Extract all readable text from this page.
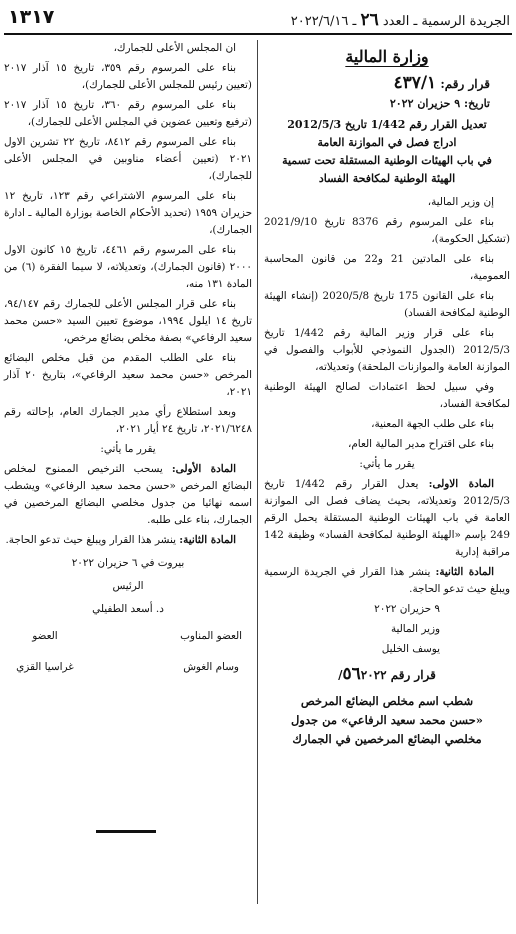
الجريدة الرسمية ـ العدد ٢٦ ـ ٢٠٢٢/٦/١٦
١٣١٧
وزارة المالية
قرار رقم: ٤٣٧/١
تاريخ: ٩ حزيران ٢٠٢٢
تعديل القرار رقم 1/442 تاريخ 2012/5/3
ادراج فصل في الموازنة العامة
في باب الهيئات الوطنية المستقلة تحت تسمية
الهيئة الوطنية لمكافحة الفساد

إن وزير المالية،

بناء على المرسوم رقم 8376 تاريخ 2021/9/10 (تشكيل الحكومة)،

بناء على المادتين 21 و22 من قانون المحاسبة العمومية،

بناء على القانون 175 تاريخ 2020/5/8 (إنشاء الهيئة الوطنية لمكافحة الفساد)

بناء على قرار وزير المالية رقم 1/442 تاريخ 2012/5/3 (الجدول النموذجي للأبواب والفصول في الموازنة العامة والموازنات الملحقة) وتعديلاته،

وفي سبيل لحظ اعتمادات لصالح الهيئة الوطنية لمكافحة الفساد،

بناء على طلب الجهة المعنية،

بناء على اقتراح مدير المالية العام،

يقرر ما يأتي:

المادة الاولى: يعدل القرار رقم 1/442 تاريخ 2012/5/3 وتعديلاته، بحيث يضاف فصل الى الموازنة العامة في باب الهيئات الوطنية المستقلة يحمل الرقم 249 بإسم «الهيئة الوطنية لمكافحة الفساد» وظيفة 142 مراقبة إدارية

المادة الثانية: ينشر هذا القرار في الجريدة الرسمية ويبلغ حيث تدعو الحاجة.

٩ حزيران ٢٠٢٢

وزير المالية

يوسف الخليل

قرار رقم ٥٦٢٠٢٢/
شطب اسم مخلص البضائع المرخص
«حسن محمد سعيد الرفاعي» من جدول
مخلصي البضائع المرخصين في الجمارك

ان المجلس الأعلى للجمارك،

بناء على المرسوم رقم ٣٥٩، تاريخ ١٥ آذار ٢٠١٧ (تعيين رئيس للمجلس الأعلى للجمارك)،

بناء على المرسوم رقم ٣٦٠، تاريخ ١٥ آذار ٢٠١٧ (ترفيع وتعيين عضوين في المجلس الأعلى للجمارك)،

بناء على المرسوم رقم ٨٤١٢، تاريخ ٢٢ تشرين الاول ٢٠٢١ (تعيين أعضاء مناوبين في المجلس الأعلى للجمارك)،

بناء على المرسوم الاشتراعي رقم ١٢٣، تاريخ ١٢ حزيران ١٩٥٩ (تحديد الأحكام الخاصة بوزارة المالية ـ ادارة الجمارك)،

بناء على المرسوم رقم ٤٤٦١، تاريخ ١٥ كانون الاول ٢٠٠٠ (قانون الجمارك)، وتعديلاته، لا سيما الفقرة (٦) من المادة ١٣١ منه،

بناء على قرار المجلس الأعلى للجمارك رقم ٩٤/١٤٧، تاريخ ١٤ ايلول ١٩٩٤، موضوع تعيين السيد «حسن محمد سعيد الرفاعي» بصفة مخلص بضائع مرخص،

بناء على الطلب المقدم من قبل مخلص البضائع المرخص «حسن محمد سعيد الرفاعي»، بتاريخ ٢٠ آذار ٢٠٢١،

وبعد استطلاع رأي مدير الجمارك العام، بإحالته رقم ٢٠٢١/٦٢٤٨، تاريخ ٢٤ أيار ٢٠٢١،

يقرر ما يأتي:

المادة الأولى: يسحب الترخيص الممنوح لمخلص البضائع المرخص «حسن محمد سعيد الرفاعي» ويشطب اسمه نهائيا من جدول مخلصي البضائع المرخصين في الجمارك، بناء على طلبه.

المادة الثانية: ينشر هذا القرار ويبلغ حيث تدعو الحاجة.

بيروت في ٦ حزيران ٢٠٢٢
الرئيس
د. أسعد الطفيلي
العضو المناوب
وسام الغوش
العضو
غراسيا القزي
